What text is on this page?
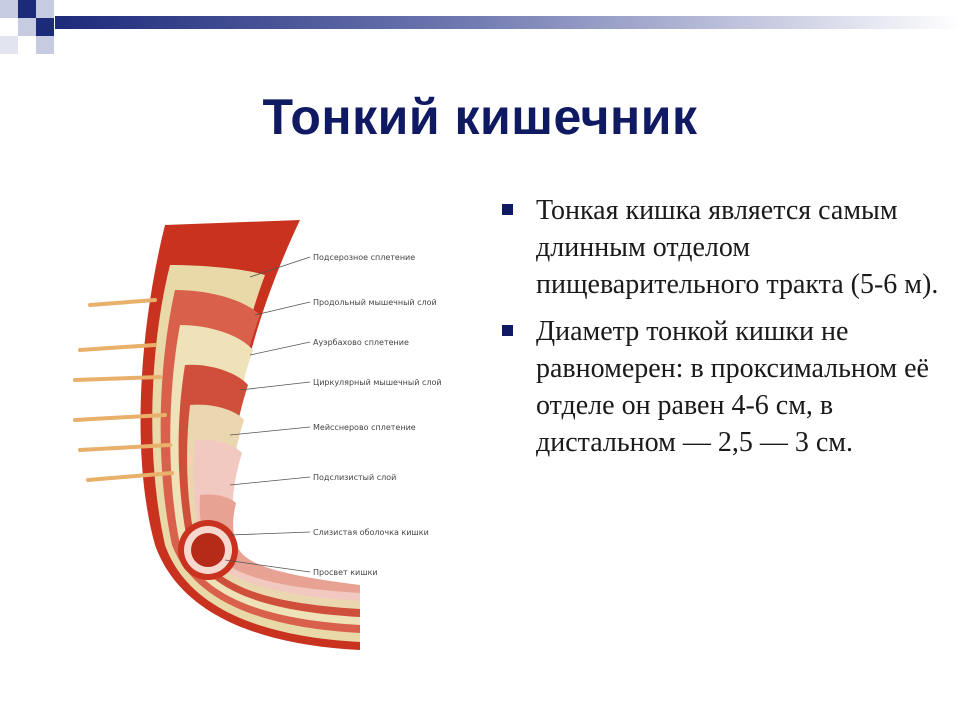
Тонкий кишечник
Тонкая кишка является самым длинным отделом пищеварительного тракта (5-6 м).
Диаметр тонкой кишки не равномерен: в проксимальном её отделе он равен 4-6 см, в дистальном — 2,5 — 3 см.
Подсерозное сплетение
Продольный мышечный слой
Ауэрбахово сплетение
Циркулярный мышечный слой
Мейсснерово сплетение
Подслизистый слой
Слизистая оболочка кишки
Просвет кишки
